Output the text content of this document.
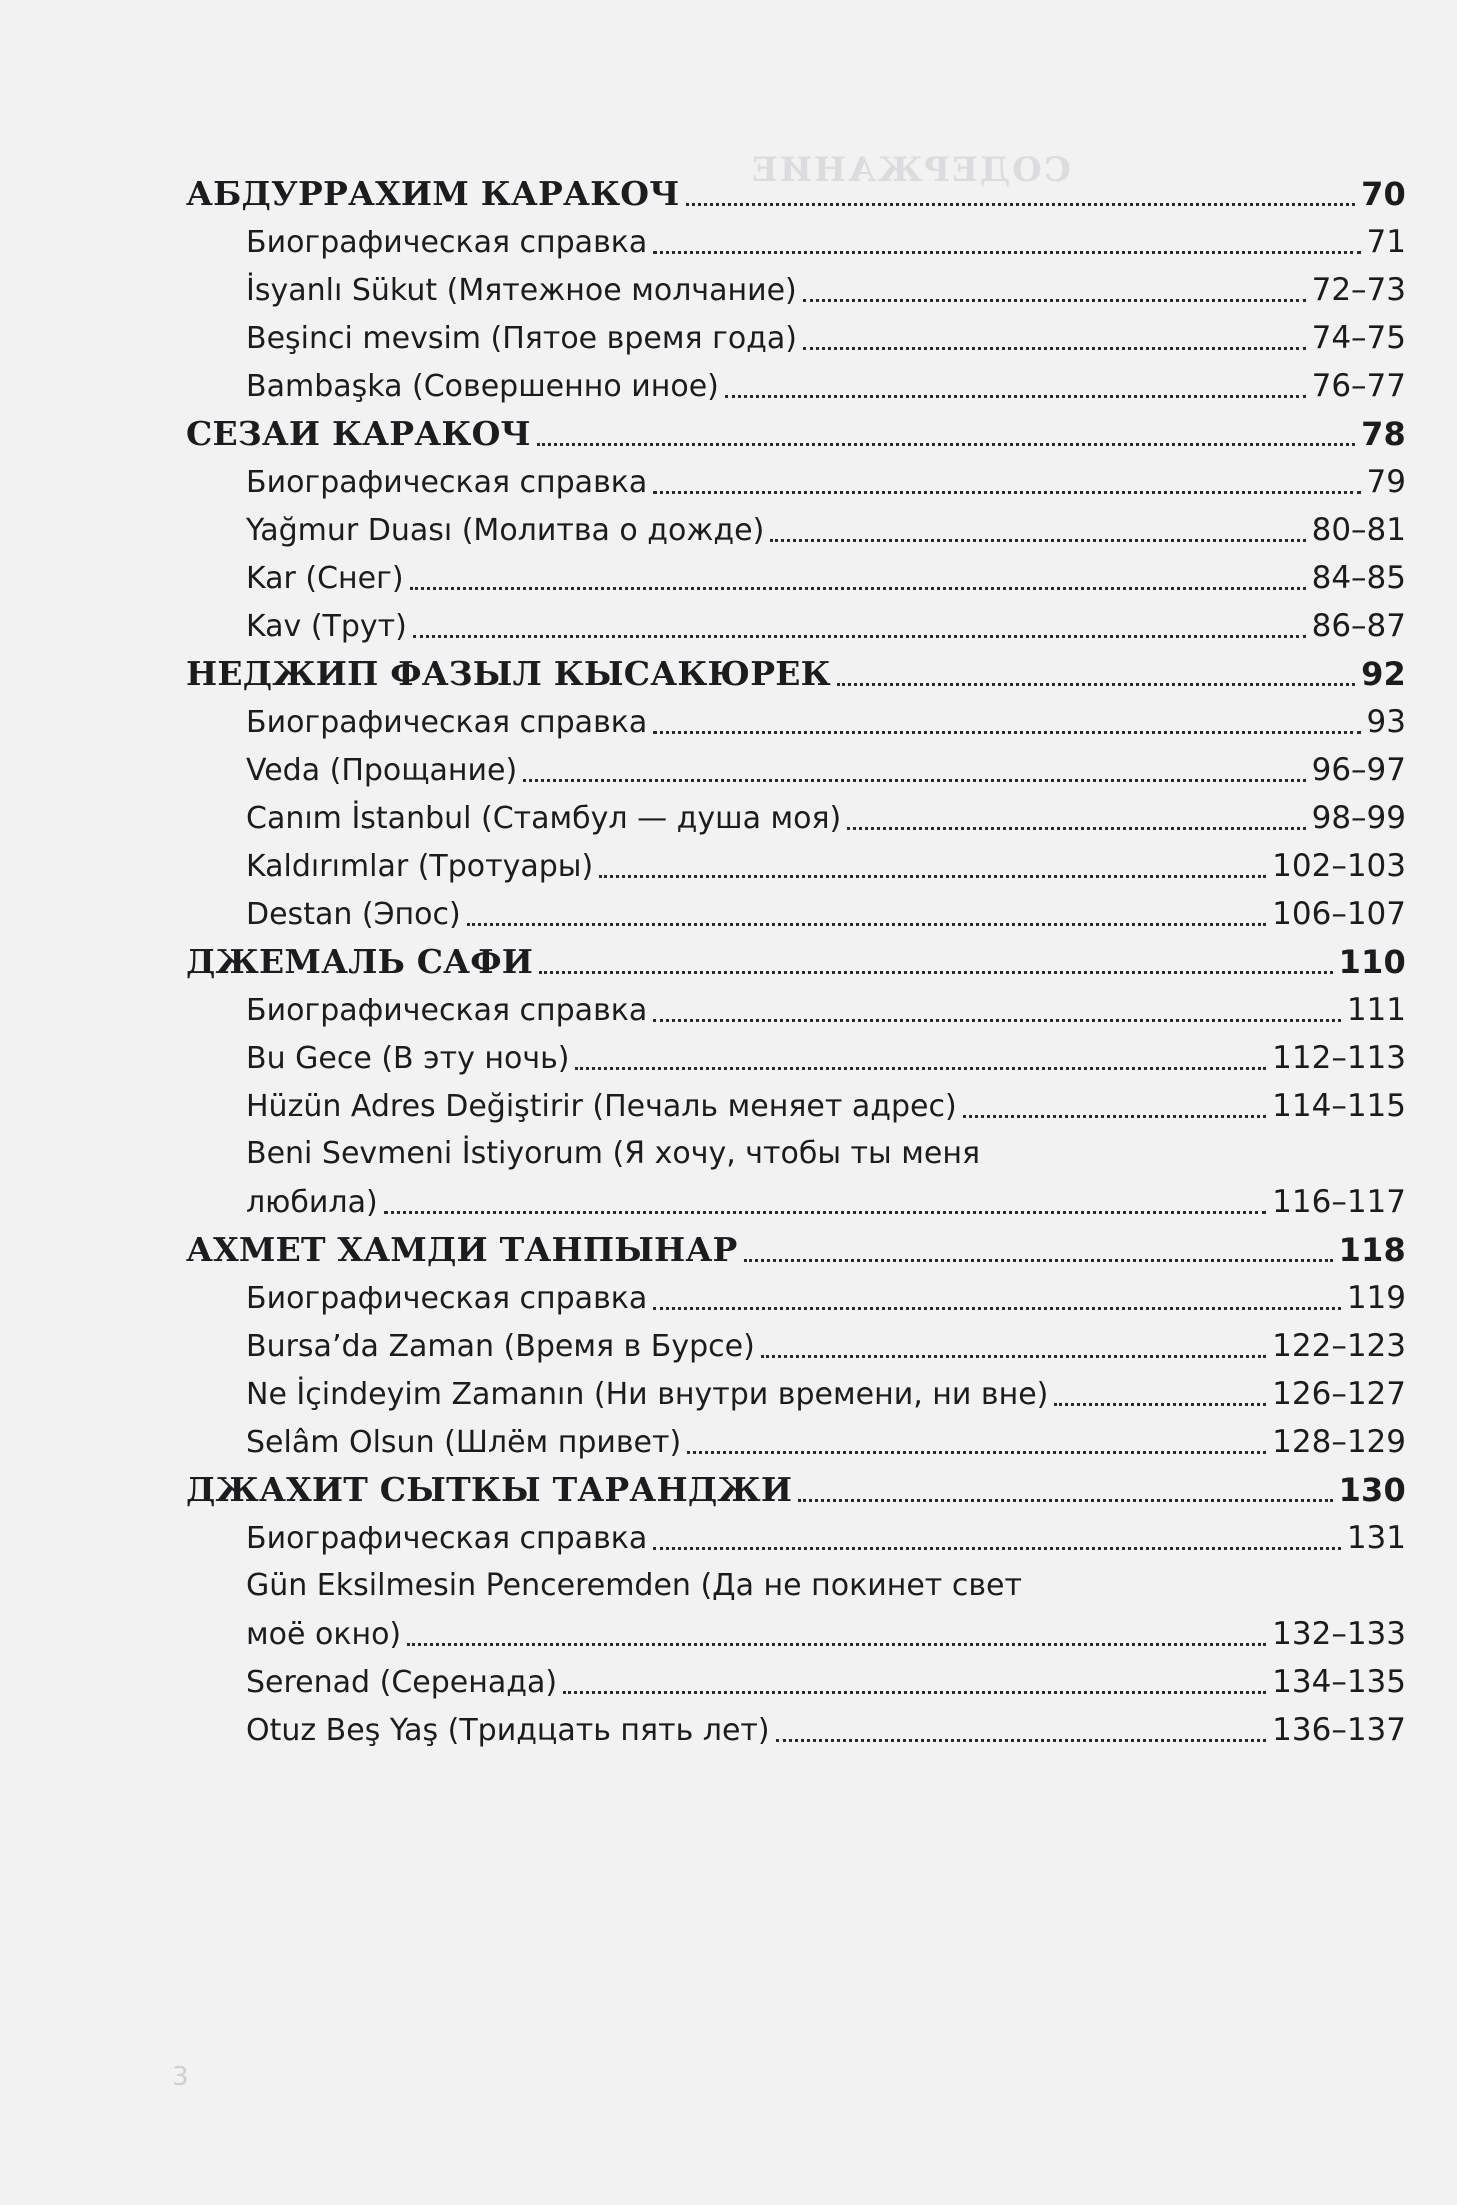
СОДЕРЖАНИЕ
АБДУРРАХИМ КАРАКОЧ	70
Биографическая справка	71
İsyanlı Sükut (Мятежное молчание)	72–73
Beşinci mevsim (Пятое время года)	74–75
Bambaşka (Совершенно иное)	76–77
СЕЗАИ КАРАКОЧ	78
Биографическая справка	79
Yağmur Duası (Молитва о дожде)	80–81
Kar (Снег)	84–85
Kav (Трут)	86–87
НЕДЖИП ФАЗЫЛ КЫСАКЮРЕК	92
Биографическая справка	93
Veda (Прощание)	96–97
Canım İstanbul (Стамбул — душа моя)	98–99
Kaldırımlar (Тротуары)	102–103
Destan (Эпос)	106–107
ДЖЕМАЛЬ САФИ	110
Биографическая справка	111
Bu Gece (В эту ночь)	112–113
Hüzün Adres Değiştirir (Печаль меняет адрес)	114–115
Beni Sevmeni İstiyorum (Я хочу, чтобы ты меня
любила)	116–117
АХМЕТ ХАМДИ ТАНПЫНАР	118
Биографическая справка	119
Bursa’da Zaman (Время в Бурсе)	122–123
Ne İçindeyim Zamanın (Ни внутри времени, ни вне)	126–127
Selâm Olsun (Шлём привет)	128–129
ДЖАХИТ СЫТКЫ ТАРАНДЖИ	130
Биографическая справка	131
Gün Eksilmesin Penceremden (Да не покинет свет
моё окно)	132–133
Serenad (Серенада)	134–135
Otuz Beş Yaş (Тридцать пять лет)	136–137
3
